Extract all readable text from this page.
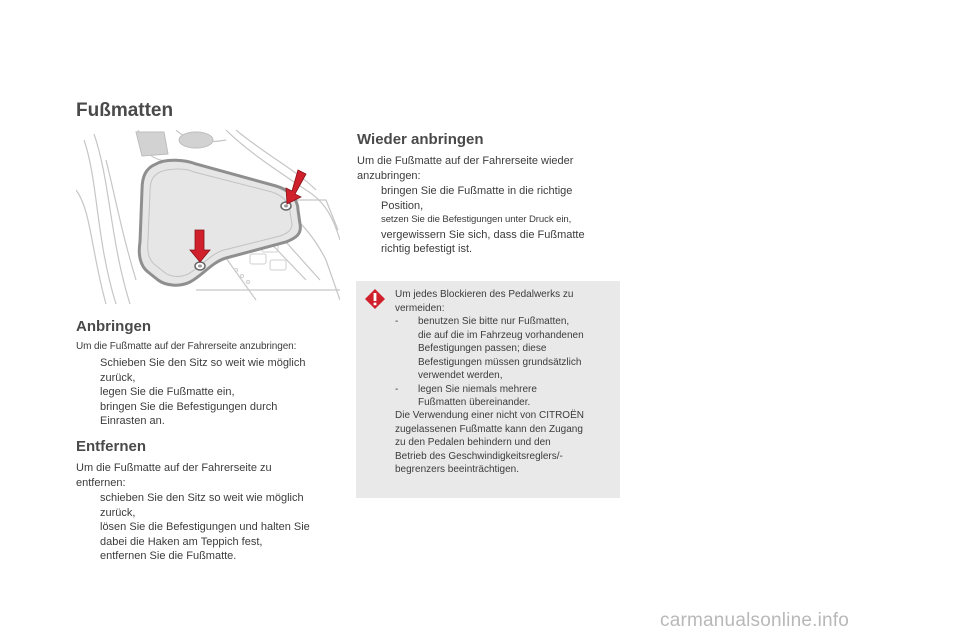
Fußmatten
Anbringen

Um die Fußmatte auf der Fahrerseite anzubringen:

Schieben Sie den Sitz so weit wie möglich
zurück,
legen Sie die Fußmatte ein,
bringen Sie die Befestigungen durch
Einrasten an.
Entfernen

Um die Fußmatte auf der Fahrerseite zu
entfernen:

schieben Sie den Sitz so weit wie möglich
zurück,
lösen Sie die Befestigungen und halten Sie
dabei die Haken am Teppich fest,
entfernen Sie die Fußmatte.
Wieder anbringen

Um die Fußmatte auf der Fahrerseite wieder
anzubringen:

bringen Sie die Fußmatte in die richtige
Position,
setzen Sie die Befestigungen unter Druck ein,
vergewissern Sie sich, dass die Fußmatte
richtig befestigt ist.

Um jedes Blockieren des Pedalwerks zu
vermeiden:

- benutzen Sie bitte nur Fußmatten,
die auf die im Fahrzeug vorhandenen
Befestigungen passen; diese
Befestigungen müssen grundsätzlich
verwendet werden,
- legen Sie niemals mehrere
Fußmatten übereinander.

Die Verwendung einer nicht von CITROËN
zugelassenen Fußmatte kann den Zugang
zu den Pedalen behindern und den
Betrieb des Geschwindigkeitsreglers/-
begrenzers beeinträchtigen.

carmanualsonline.info
